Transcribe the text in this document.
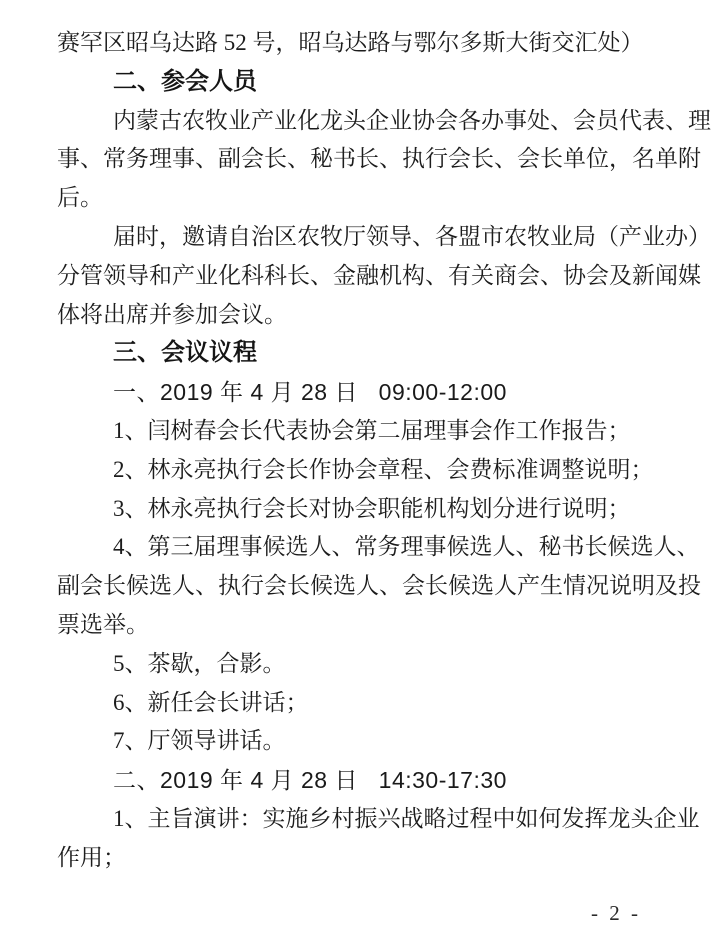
赛罕区昭乌达路 52 号，昭乌达路与鄂尔多斯大街交汇处）
二、参会人员
内蒙古农牧业产业化龙头企业协会各办事处、会员代表、理
事、常务理事、副会长、秘书长、执行会长、会长单位，名单附
后。
届时，邀请自治区农牧厅领导、各盟市农牧业局（产业办）
分管领导和产业化科科长、金融机构、有关商会、协会及新闻媒
体将出席并参加会议。
三、会议议程
一、2019 年 4 月 28 日   09:00-12:00
1、闫树春会长代表协会第二届理事会作工作报告；
2、林永亮执行会长作协会章程、会费标准调整说明；
3、林永亮执行会长对协会职能机构划分进行说明；
4、第三届理事候选人、常务理事候选人、秘书长候选人、
副会长候选人、执行会长候选人、会长候选人产生情况说明及投
票选举。
5、茶歇，合影。
6、新任会长讲话；
7、厅领导讲话。
二、2019 年 4 月 28 日   14:30-17:30
1、主旨演讲：实施乡村振兴战略过程中如何发挥龙头企业
作用；
- 2 -
